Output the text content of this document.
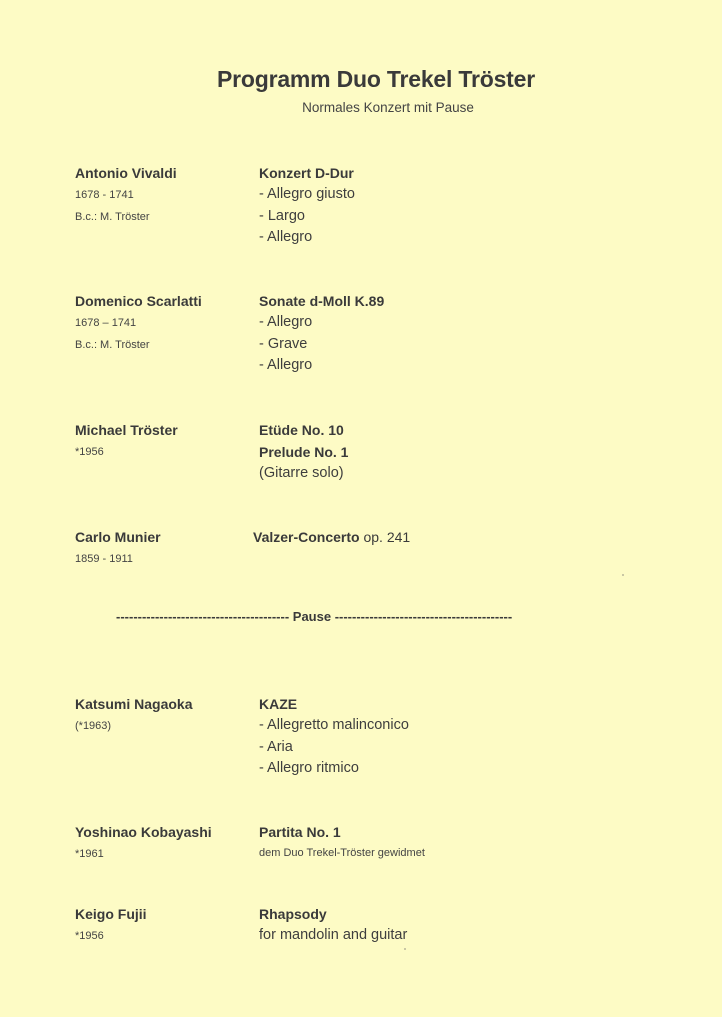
Programm Duo Trekel Tröster
Normales Konzert mit Pause
Antonio Vivaldi
1678 - 1741
B.c.: M. Tröster
Konzert D-Dur
- Allegro giusto
- Largo
- Allegro
Domenico Scarlatti
1678 – 1741
B.c.: M. Tröster
Sonate d-Moll K.89
- Allegro
- Grave
- Allegro
Michael Tröster
*1956
Etüde No. 10
Prelude No. 1
(Gitarre solo)
Carlo Munier
1859 - 1911
Valzer-Concerto op. 241
---------------------------------------- Pause -----------------------------------------
Katsumi Nagaoka
(*1963)
KAZE
- Allegretto malinconico
- Aria
- Allegro ritmico
Yoshinao Kobayashi
*1961
Partita No. 1
dem Duo Trekel-Tröster gewidmet
Keigo Fujii
*1956
Rhapsody
for mandolin and guitar
